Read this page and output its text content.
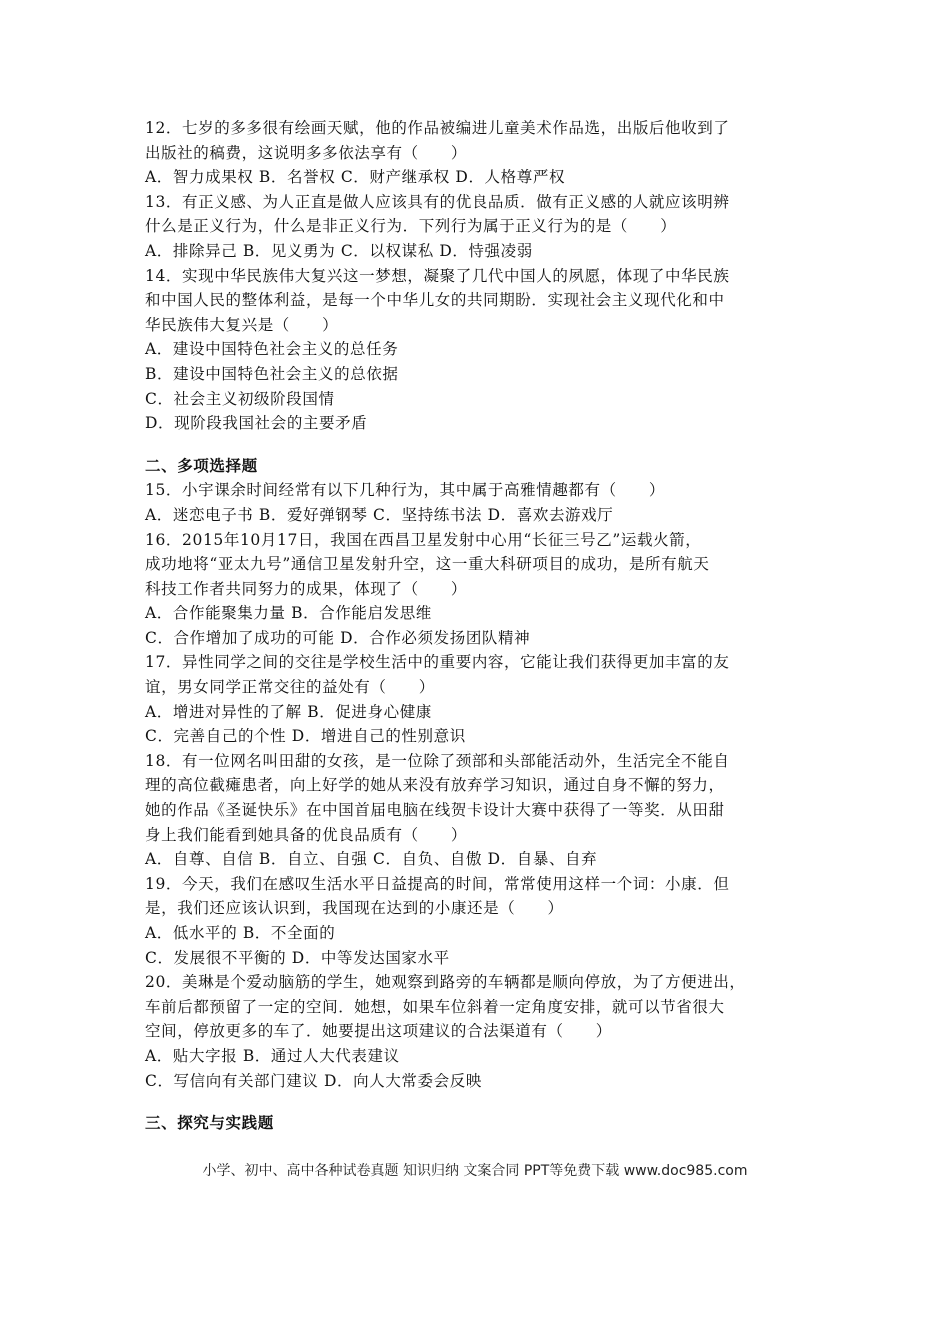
12．七岁的多多很有绘画天赋，他的作品被编进儿童美术作品选，出版后他收到了
出版社的稿费，这说明多多依法享有（　　）
A．智力成果权 B．名誉权 C．财产继承权 D．人格尊严权
13．有正义感、为人正直是做人应该具有的优良品质．做有正义感的人就应该明辨
什么是正义行为，什么是非正义行为．下列行为属于正义行为的是（　　）
A．排除异己 B．见义勇为 C．以权谋私 D．恃强凌弱
14．实现中华民族伟大复兴这一梦想，凝聚了几代中国人的夙愿，体现了中华民族
和中国人民的整体利益，是每一个中华儿女的共同期盼．实现社会主义现代化和中
华民族伟大复兴是（　　）
A．建设中国特色社会主义的总任务
B．建设中国特色社会主义的总依据
C．社会主义初级阶段国情
D．现阶段我国社会的主要矛盾
二、多项选择题
15．小宇课余时间经常有以下几种行为，其中属于高雅情趣都有（　　）
A．迷恋电子书 B．爱好弹钢琴 C．坚持练书法 D．喜欢去游戏厅
16．2015年10月17日，我国在西昌卫星发射中心用“长征三号乙”运载火箭，
成功地将“亚太九号”通信卫星发射升空，这一重大科研项目的成功，是所有航天
科技工作者共同努力的成果，体现了（　　）
A．合作能聚集力量 B．合作能启发思维
C．合作增加了成功的可能 D．合作必须发扬团队精神
17．异性同学之间的交往是学校生活中的重要内容，它能让我们获得更加丰富的友
谊，男女同学正常交往的益处有（　　）
A．增进对异性的了解 B．促进身心健康
C．完善自己的个性 D．增进自己的性别意识
18．有一位网名叫田甜的女孩，是一位除了颈部和头部能活动外，生活完全不能自
理的高位截瘫患者，向上好学的她从来没有放弃学习知识，通过自身不懈的努力，
她的作品《圣诞快乐》在中国首届电脑在线贺卡设计大赛中获得了一等奖．从田甜
身上我们能看到她具备的优良品质有（　　）
A．自尊、自信 B．自立、自强 C．自负、自傲 D．自暴、自弃
19．今天，我们在感叹生活水平日益提高的时间，常常使用这样一个词：小康．但
是，我们还应该认识到，我国现在达到的小康还是（　　）
A．低水平的 B．不全面的
C．发展很不平衡的 D．中等发达国家水平
20．美琳是个爱动脑筋的学生，她观察到路旁的车辆都是顺向停放，为了方便进出，
车前后都预留了一定的空间．她想，如果车位斜着一定角度安排，就可以节省很大
空间，停放更多的车了．她要提出这项建议的合法渠道有（　　）
A．贴大字报 B．通过人大代表建议
C．写信向有关部门建议 D．向人大常委会反映
三、探究与实践题
小学、初中、高中各种试卷真题 知识归纳 文案合同 PPT等免费下载 www.doc985.com
